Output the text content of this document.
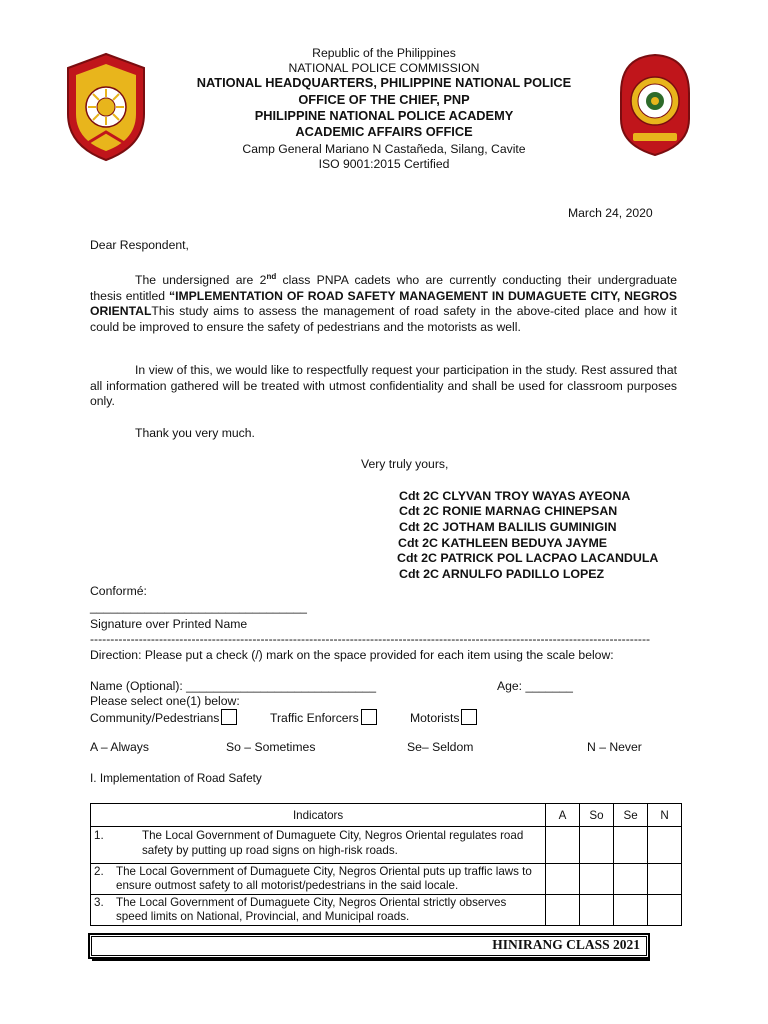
Republic of the Philippines
NATIONAL POLICE COMMISSION
NATIONAL HEADQUARTERS, PHILIPPINE NATIONAL POLICE
OFFICE OF THE CHIEF, PNP
PHILIPPINE NATIONAL POLICE ACADEMY
ACADEMIC AFFAIRS OFFICE
Camp General Mariano N Castañeda, Silang, Cavite
ISO 9001:2015 Certified
March 24, 2020
Dear Respondent,
The undersigned are 2nd class PNPA cadets who are currently conducting their undergraduate thesis entitled “IMPLEMENTATION OF ROAD SAFETY MANAGEMENT IN DUMAGUETE CITY, NEGROS ORIENTALThis study aims to assess the management of road safety in the above-cited place and how it could be improved to ensure the safety of pedestrians and the motorists as well.
In view of this, we would like to respectfully request your participation in the study. Rest assured that all information gathered will be treated with utmost confidentiality and shall be used for classroom purposes only.
Thank you very much.
Very truly yours,
Cdt 2C CLYVAN TROY WAYAS AYEONA
Cdt 2C RONIE MARNAG CHINEPSAN
Cdt 2C JOTHAM BALILIS GUMINIGIN
Cdt 2C KATHLEEN BEDUYA JAYME
Cdt 2C PATRICK POL LACPAO LACANDULA
Cdt 2C ARNULFO PADILLO LOPEZ
Conformé:
________________________________
Signature over Printed Name
------------------------------------------------------------------------------------------------------------------------------------------
Direction: Please put a check (/) mark on the space provided for each item using the scale below:
Name (Optional): ____________________________	Age: _______
Please select one(1) below:
Community/Pedestrians	Traffic Enforcers	Motorists
A – Always	So – Sometimes	Se– Seldom	N – Never
I. Implementation of Road Safety
Indicators	A	So	Se	N
1. The Local Government of Dumaguete City, Negros Oriental regulates road safety by putting up road signs on high-risk roads.				
2. The Local Government of Dumaguete City, Negros Oriental puts up traffic laws to ensure outmost safety to all motorist/pedestrians in the said locale.				
3. The Local Government of Dumaguete City, Negros Oriental strictly observes speed limits on National, Provincial, and Municipal roads.				
HINIRANG CLASS 2021
